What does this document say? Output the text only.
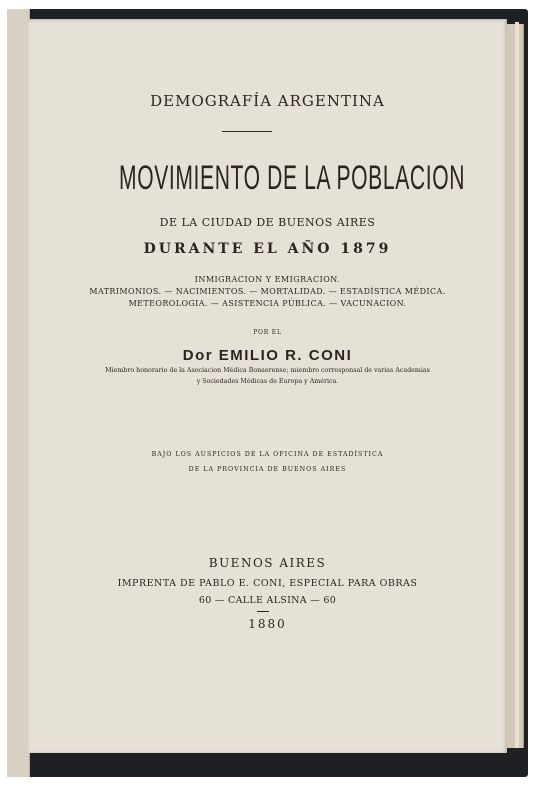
DEMOGRAFÍA ARGENTINA
MOVIMIENTO DE LA POBLACION
DE LA CIUDAD DE BUENOS AIRES
DURANTE EL AÑO 1879
INMIGRACION Y EMIGRACION.
MATRIMONIOS. — NACIMIENTOS. — MORTALIDAD. — ESTADÍSTICA MÉDICA.
METEOROLOGIA. — ASISTENCIA PÚBLICA. — VACUNACION.
POR EL
Dor EMILIO R. CONI
Miembro honorario de la Asociacion Médica Bonaerense; miembro corresponsal de varias Academias
y Sociedades Médicas de Europa y América.
BAJO LOS AUSPICIOS DE LA OFICINA DE ESTADÍSTICA
DE LA PROVINCIA DE BUENOS AIRES
BUENOS AIRES
IMPRENTA DE PABLO E. CONI, ESPECIAL PARA OBRAS
60 — CALLE ALSINA — 60
1880
